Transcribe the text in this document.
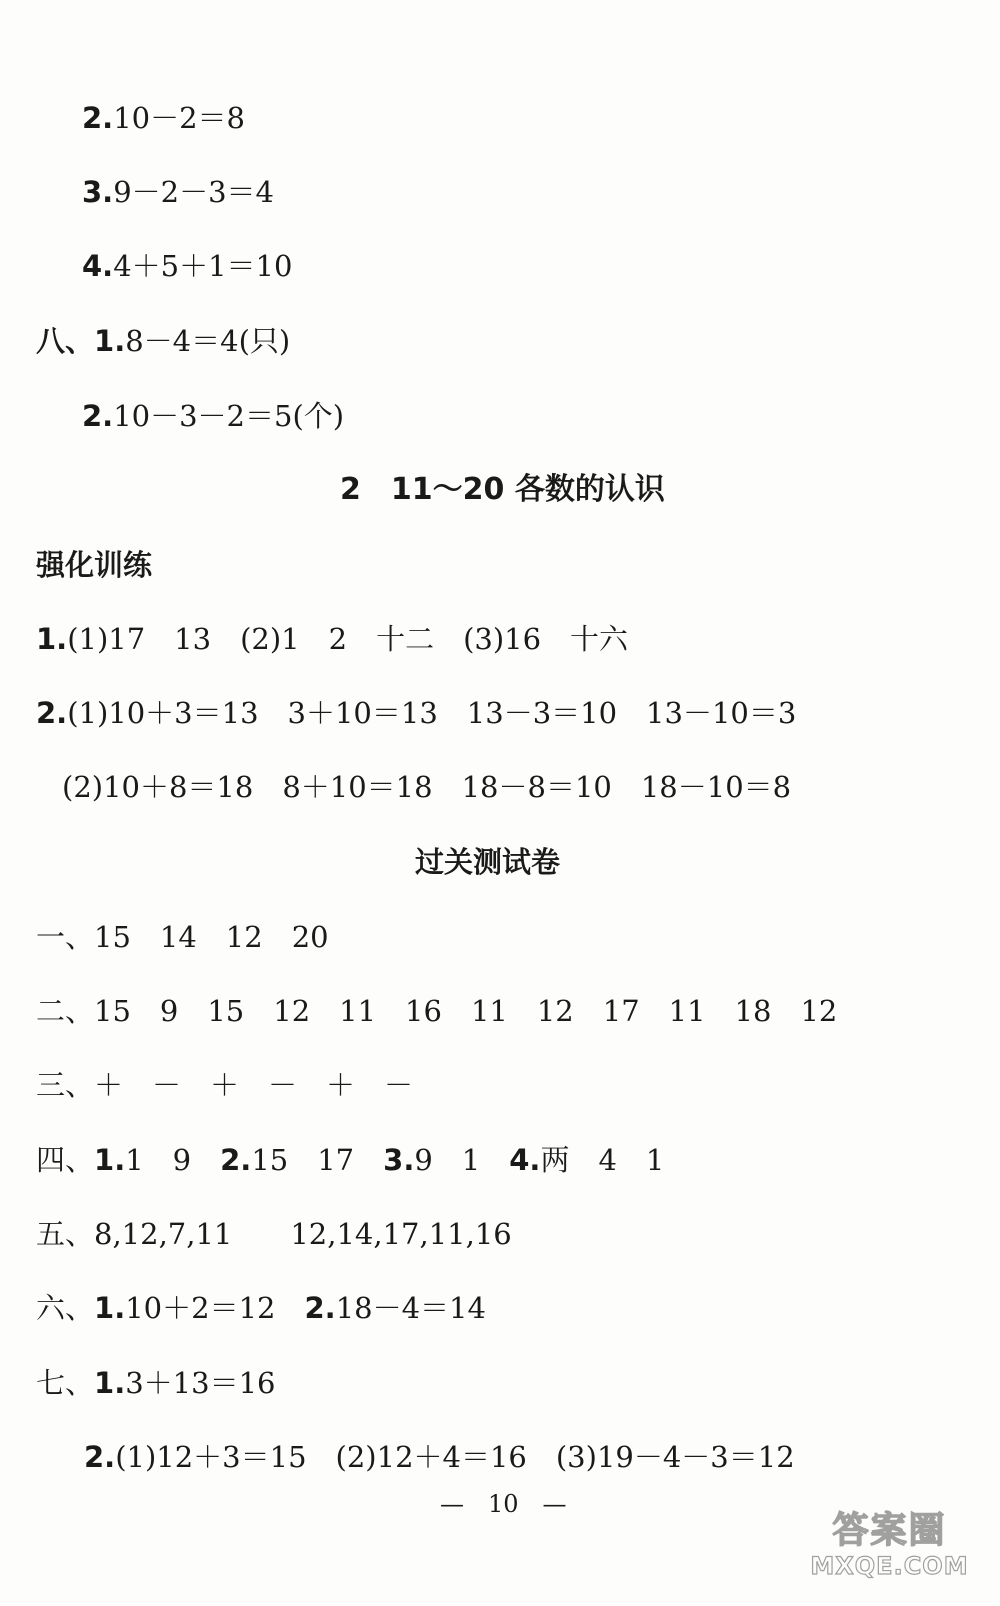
2.10－2＝8
3.9－2－3＝4
4.4＋5＋1＝10
八、1.8－4＝4(只)
2.10－3－2＝5(个)
2　11～20 各数的认识
强化训练
1.(1)17　13　(2)1　2　十二　(3)16　十六
2.(1)10＋3＝13　3＋10＝13　13－3＝10　13－10＝3
(2)10＋8＝18　8＋10＝18　18－8＝10　18－10＝8
过关测试卷
一、15　14　12　20
二、15　9　15　12　11　16　11　12　17　11　18　12
三、＋　－　＋　－　＋　－
四、1.1　9　2.15　17　3.9　1　4.两　4　1
五、8,12,7,11　　12,14,17,11,16
六、1.10＋2＝12　2.18－4＝14
七、1.3＋13＝16
2.(1)12＋3＝15　(2)12＋4＝16　(3)19－4－3＝12
—　10　—
答案圈
MXQE.COM
